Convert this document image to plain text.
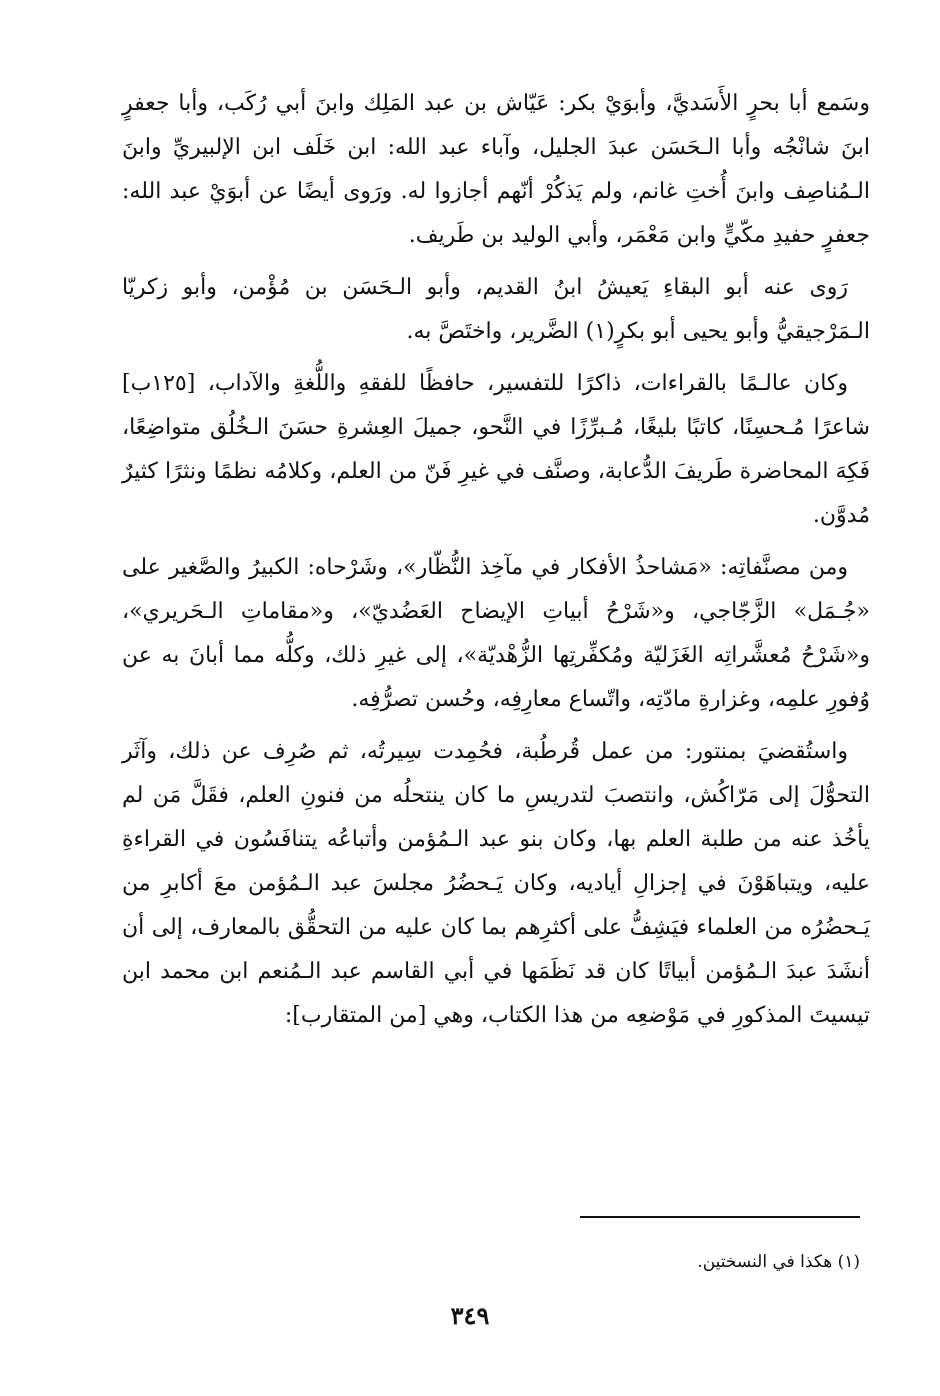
وسَمع أبا بحرٍ الأَسَديَّ، وأبوَيْ بكر: عَيّاش بن عبد المَلِك وابنَ أبي رُكَب، وأبا جعفرٍ ابنَ شانْجُه وأبا الـحَسَن عبدَ الجليل، وآباء عبد الله: ابن خَلَف ابن الإلبيريِّ وابنَ الـمُناصِف وابنَ أُختِ غانم، ولم يَذكُرْ أنّهم أجازوا له. ورَوى أيضًا عن أبوَيْ عبد الله: جعفرٍ حفيدِ مكّيٍّ وابن مَعْمَر، وأبي الوليد بن طَريف.

رَوى عنه أبو البقاءِ يَعيشُ ابنُ القديم، وأبو الـحَسَن بن مُؤْمن، وأبو زكريّا الـمَرْجيقيُّ وأبو يحيى أبو بكرٍ(١) الضَّرير، واختَصَّ به.

وكان عالـمًا بالقراءات، ذاكرًا للتفسير، حافظًا للفقهِ واللُّغةِ والآداب، [١٢٥ب] شاعرًا مُـحسِنًا، كاتبًا بليغًا، مُـبرِّزًا في النَّحو، جميلَ العِشرةِ حسَنَ الـخُلُق متواضِعًا، فَكِهَ المحاضرة طَريفَ الدُّعابة، وصنَّف في غيرِ فَنّ من العلم، وكلامُه نظمًا ونثرًا كثيرٌ مُدوَّن.

ومن مصنَّفاتِه: «مَشاحذُ الأفكار في مآخِذ النُّظّار»، وشَرْحاه: الكبيرُ والصَّغير على «جُـمَل» الزَّجّاجي، و«شَرْحُ أبياتِ الإيضاح العَضُديّ»، و«مقاماتِ الـحَريري»، و«شَرْحُ مُعشَّراتِه الغَزَليّة ومُكفِّرتِها الزُّهْديّة»، إلى غيرِ ذلك، وكلُّه مما أبانَ به عن وُفورِ علمِه، وغزارةِ مادّتِه، واتّساع معارِفِه، وحُسن تصرُّفِه.

واستُقضيَ بمنتور: من عمل قُرطُبة، فحُمِدت سِيرتُه، ثم صُرِف عن ذلك، وآثَر التحوُّلَ إلى مَرّاكُش، وانتصبَ لتدريسِ ما كان ينتحلُه من فنونِ العلم، فقَلَّ مَن لم يأخُذ عنه من طلبة العلم بها، وكان بنو عبد الـمُؤمن وأتباعُه يتنافَسُون في القراءةِ عليه، ويتباهَوْنَ في إجزالِ أياديه، وكان يَـحضُرُ مجلسَ عبد الـمُؤمن معَ أكابرِ من يَـحضُرُه من العلماء فيَشِفُّ على أكثرِهم بما كان عليه من التحقُّق بالمعارف، إلى أن أنشَدَ عبدَ الـمُؤمن أبياتًا كان قد نَظَمَها في أبي القاسم عبد الـمُنعم ابن محمد ابن تيسيتَ المذكورِ في مَوْضعِه من هذا الكتاب، وهي [من المتقارب]:

(١) هكذا في النسختين.

٣٤٩
